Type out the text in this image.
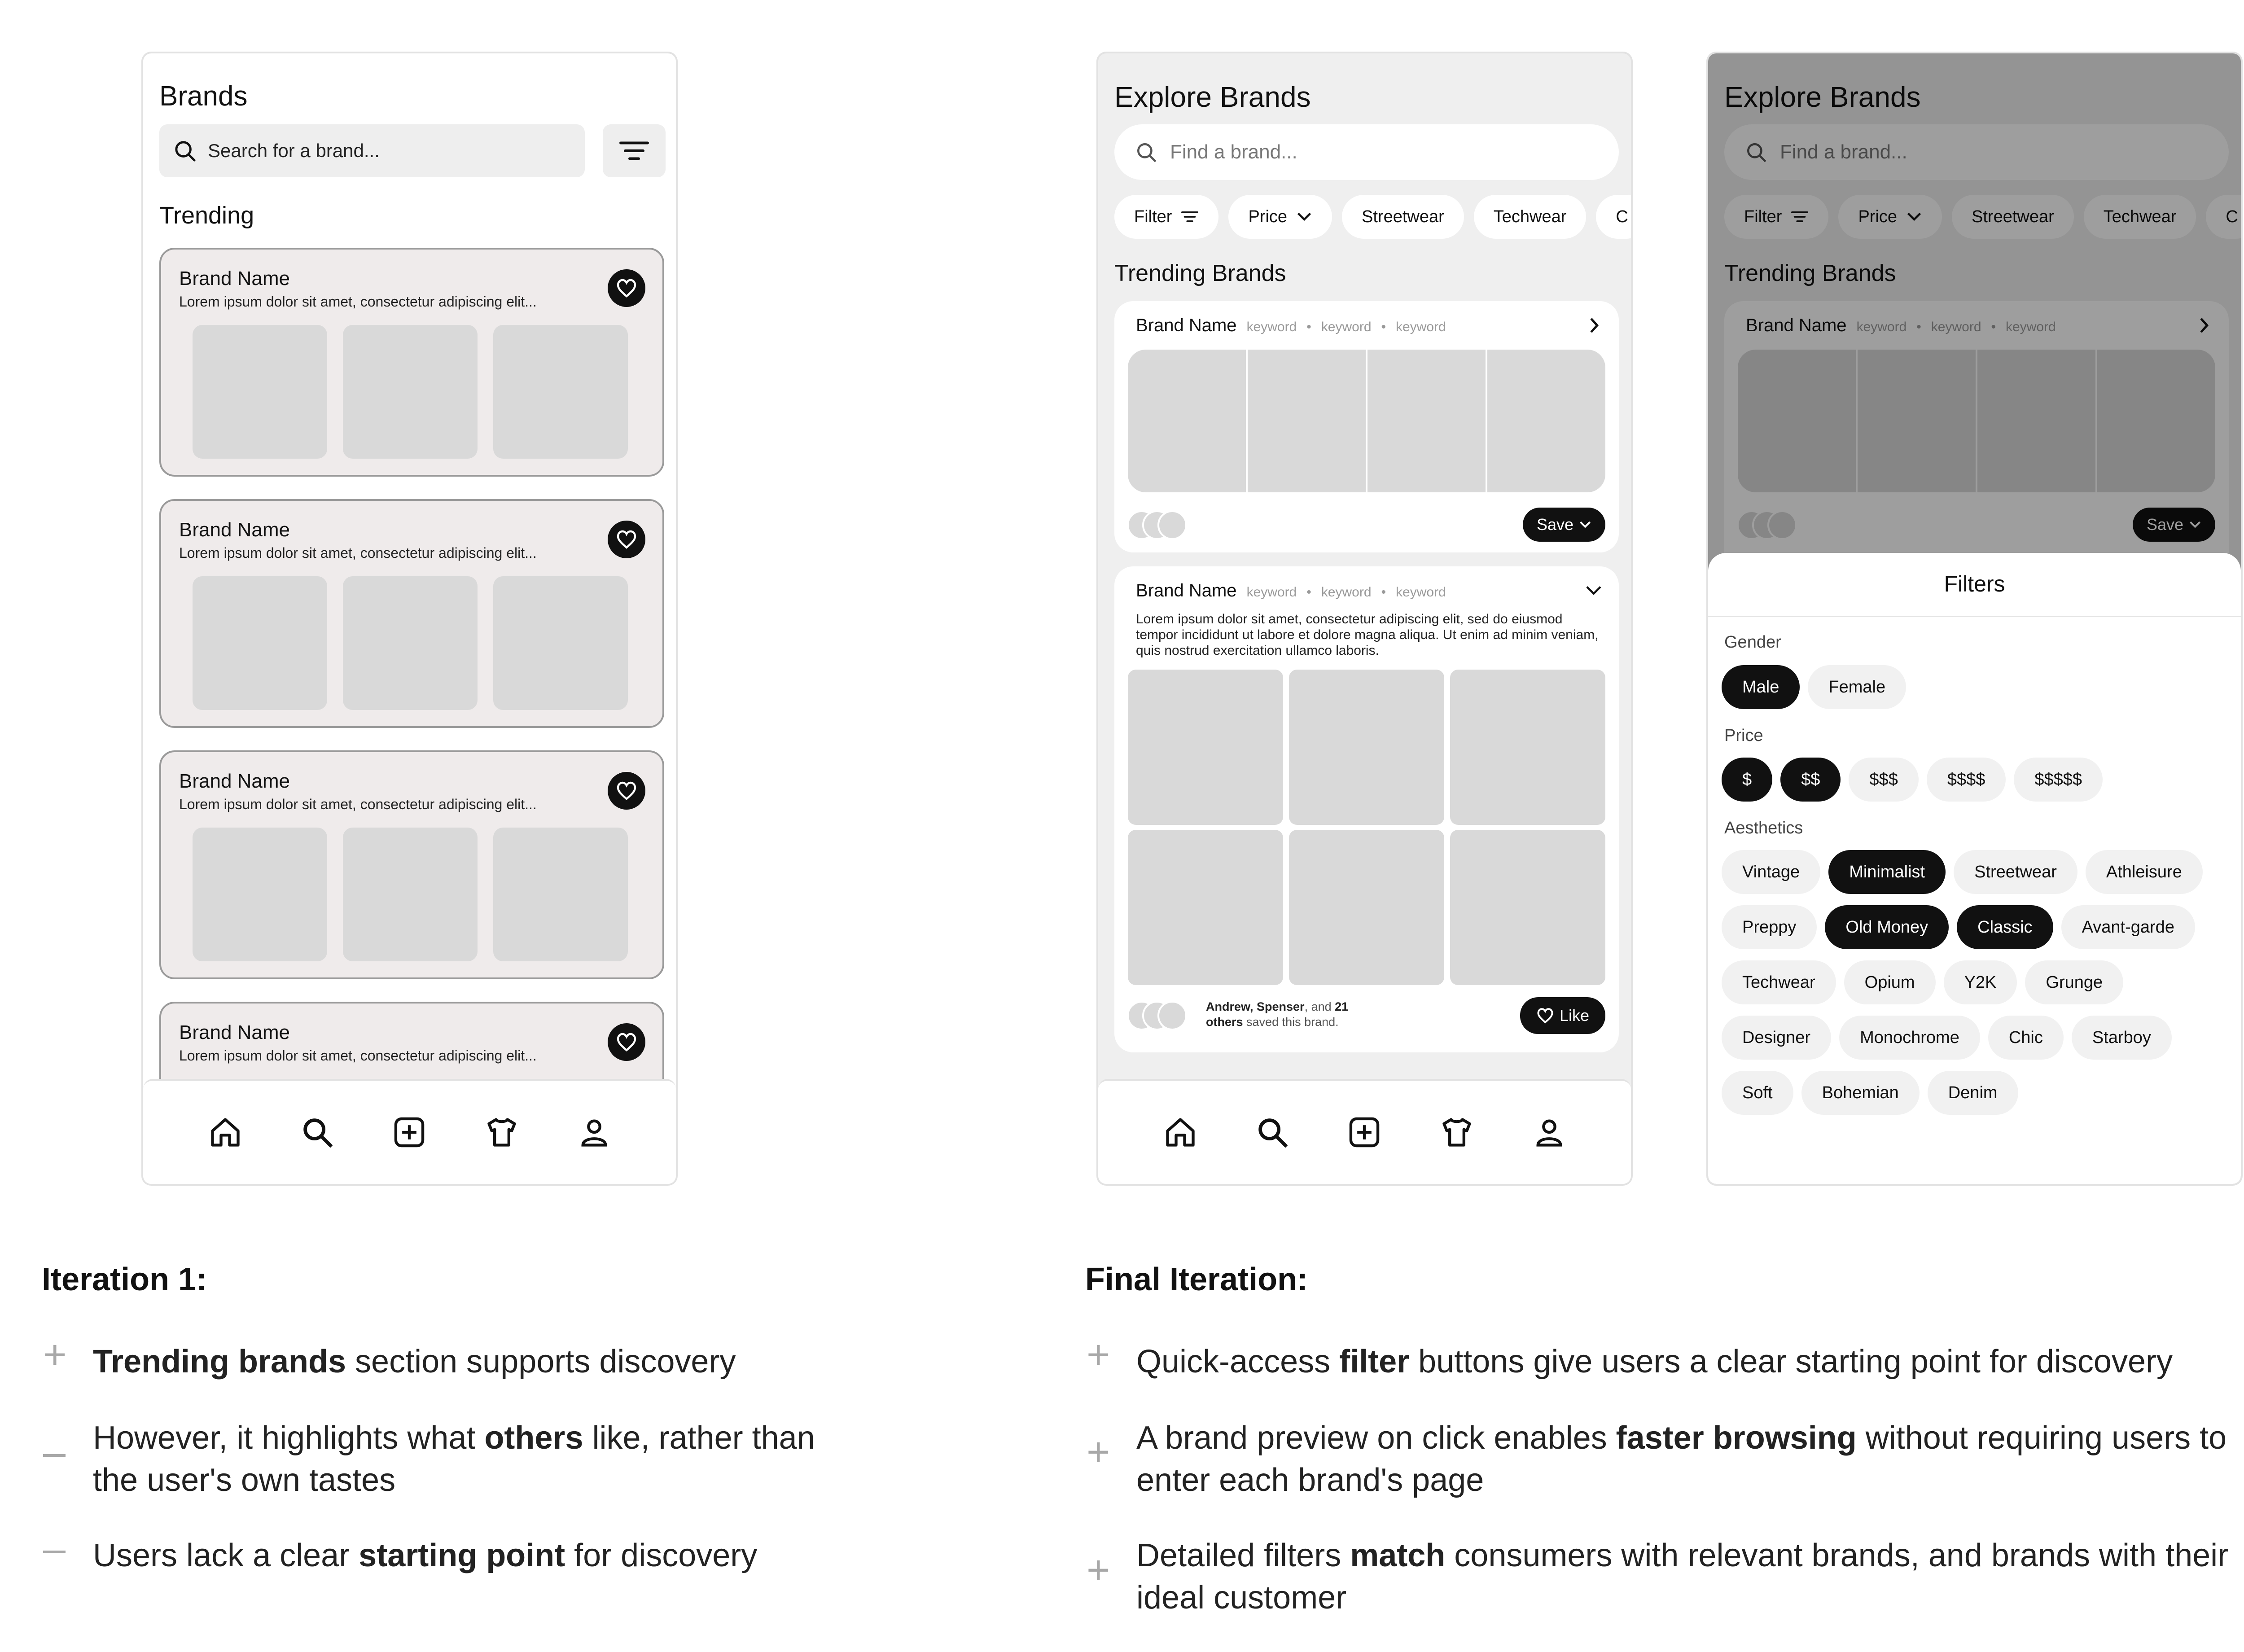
Brands
Search for a brand...
Trending
Brand Name
Lorem ipsum dolor sit amet, consectetur adipiscing elit...
Brand Name
Lorem ipsum dolor sit amet, consectetur adipiscing elit...
Brand Name
Lorem ipsum dolor sit amet, consectetur adipiscing elit...
Brand Name
Lorem ipsum dolor sit amet, consectetur adipiscing elit...
Explore Brands
Find a brand...
Filter	Price	Streetwear	Techwear	C
Trending Brands
Brand Name keyword • keyword • keyword
Save
Brand Name keyword • keyword • keyword
Lorem ipsum dolor sit amet, consectetur adipiscing elit, sed do eiusmod tempor incididunt ut labore et dolore magna aliqua. Ut enim ad minim veniam, quis nostrud exercitation ullamco laboris.
Andrew, Spenser, and 21
others saved this brand.	Like
Explore Brands
Find a brand...
Filter	Price	Streetwear	Techwear	C
Trending Brands
Brand Name keyword • keyword • keyword
Save
Filters
Gender
Male	Female
Price
$	$$	$$$	$$$$	$$$$$
Aesthetics
Vintage	Minimalist	Streetwear	Athleisure
Preppy	Old Money	Classic	Avant-garde
Techwear	Opium	Y2K	Grunge
Designer	Monochrome	Chic	Starboy
Soft	Bohemian	Denim
Iteration 1:
+ Trending brands section supports discovery
– However, it highlights what others like, rather than the user's own tastes
– Users lack a clear starting point for discovery
Final Iteration:
+ Quick-access filter buttons give users a clear starting point for discovery
+ A brand preview on click enables faster browsing without requiring users to enter each brand's page
+ Detailed filters match consumers with relevant brands, and brands with their ideal customer
